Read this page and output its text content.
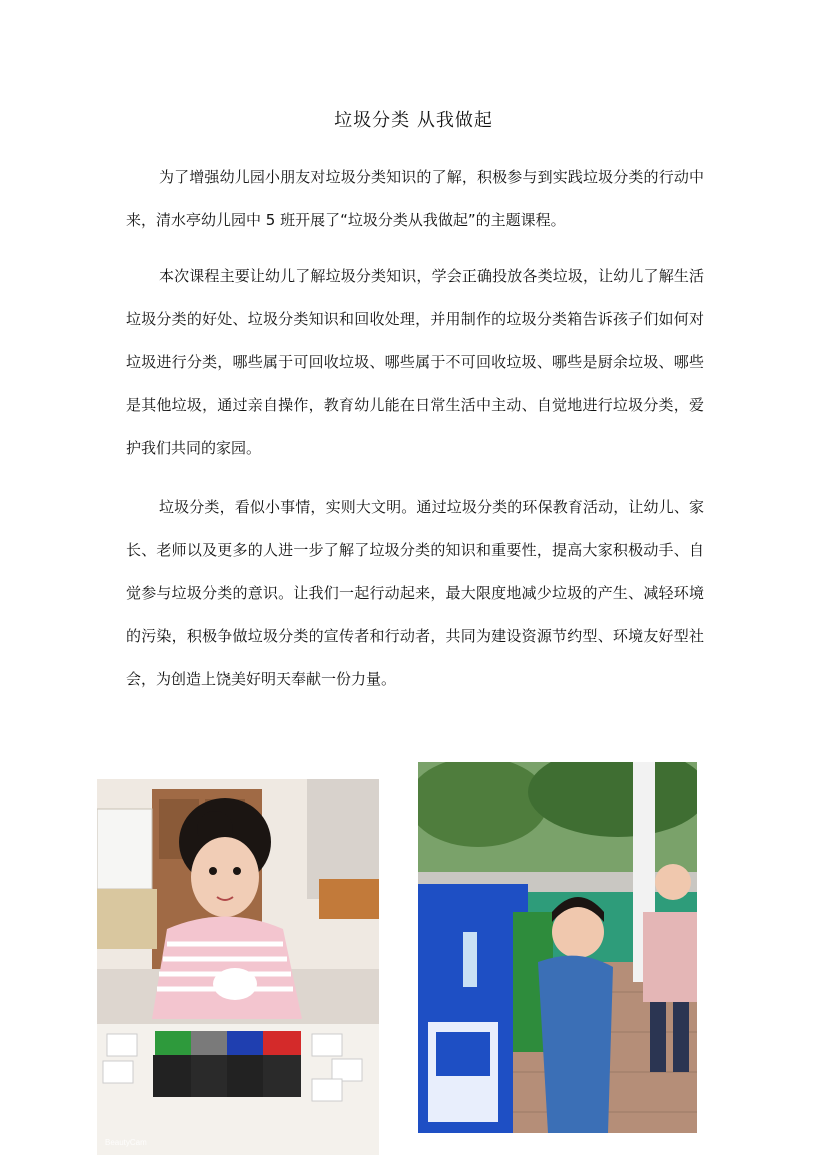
垃圾分类 从我做起

为了增强幼儿园小朋友对垃圾分类知识的了解，积极参与到实践垃圾分类的行动中来，清水亭幼儿园中 5 班开展了“垃圾分类从我做起”的主题课程。

本次课程主要让幼儿了解垃圾分类知识，学会正确投放各类垃圾，让幼儿了解生活垃圾分类的好处、垃圾分类知识和回收处理，并用制作的垃圾分类箱告诉孩子们如何对垃圾进行分类，哪些属于可回收垃圾、哪些属于不可回收垃圾、哪些是厨余垃圾、哪些是其他垃圾，通过亲自操作，教育幼儿能在日常生活中主动、自觉地进行垃圾分类，爱护我们共同的家园。

垃圾分类，看似小事情，实则大文明。通过垃圾分类的环保教育活动，让幼儿、家长、老师以及更多的人进一步了解了垃圾分类的知识和重要性，提高大家积极动手、自觉参与垃圾分类的意识。让我们一起行动起来，最大限度地减少垃圾的产生、减轻环境的污染，积极争做垃圾分类的宣传者和行动者，共同为建设资源节约型、环境友好型社会，为创造上饶美好明天奉献一份力量。

BeautyCam
